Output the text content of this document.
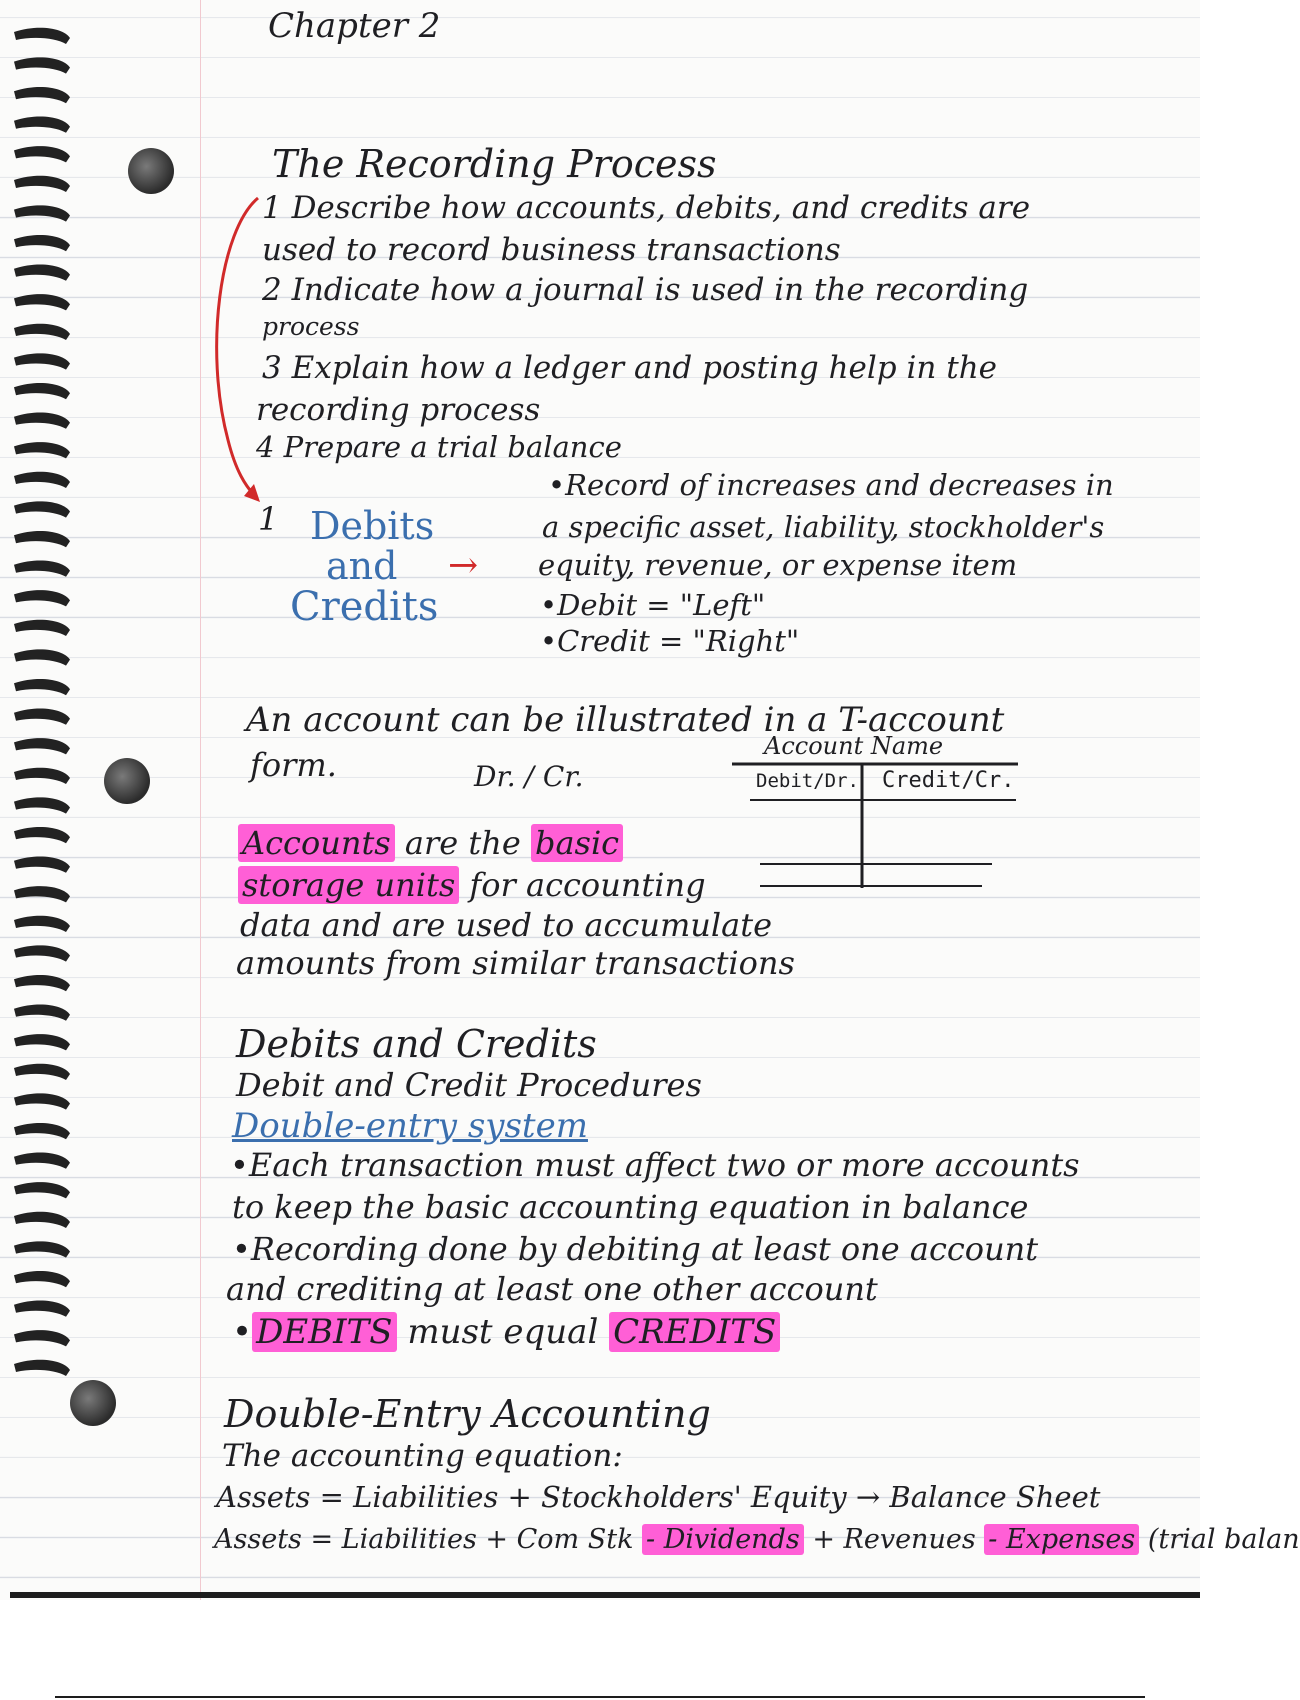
Chapter 2
The Recording Process
1 Describe how accounts, debits, and credits are
used to record business transactions
2 Indicate how a journal is used in the recording
process
3 Explain how a ledger and posting help in the
recording process
4 Prepare a trial balance
1 Debits
and
Credits
→
• Record of increases and decreases in
a specific asset, liability, stockholder's
equity, revenue, or expense item
• Debit = "Left"
• Credit = "Right"
An account can be illustrated in a T-account
form.	Dr. / Cr.
Account Name
Debit/Dr. Credit/Cr.
Accounts are the basic
storage units for accounting
data and are used to accumulate
amounts from similar transactions
Debits and Credits
Debit and Credit Procedures
Double-entry system
• Each transaction must affect two or more accounts
to keep the basic accounting equation in balance
• Recording done by debiting at least one account
and crediting at least one other account
• DEBITS must equal CREDITS
Double-Entry Accounting
The accounting equation:
Assets = Liabilities + Stockholders' Equity → Balance Sheet
Assets = Liabilities + Com Stk - Dividends + Revenues - Expenses (trial balan
